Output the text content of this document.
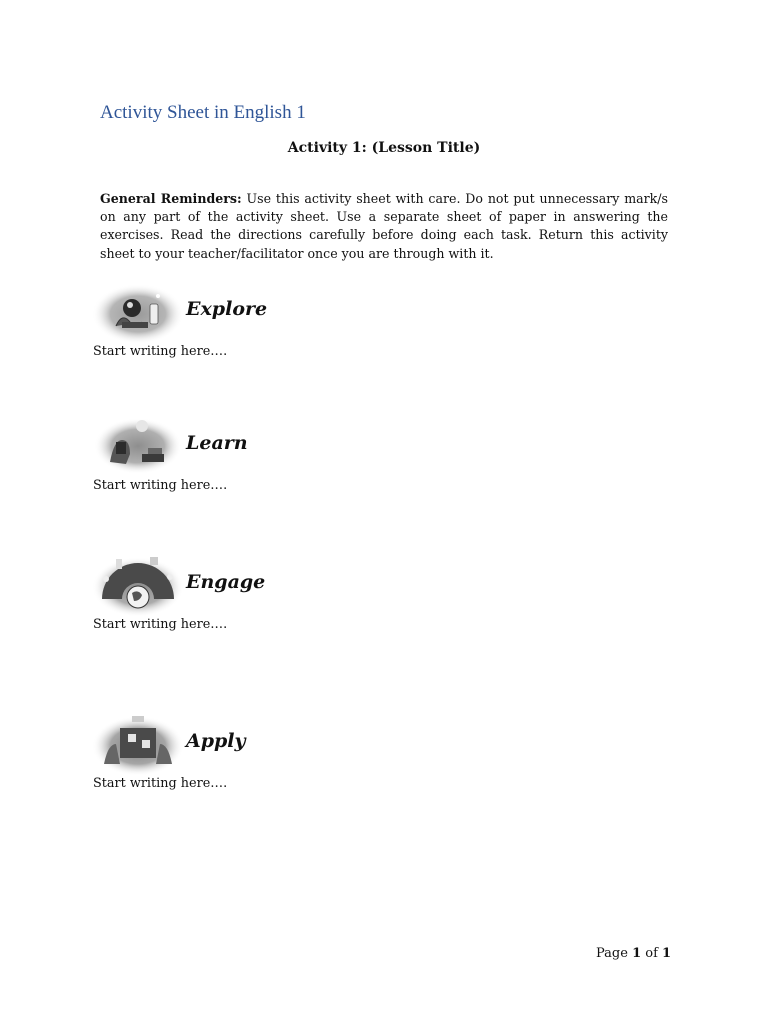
Activity Sheet in English 1
Activity 1: (Lesson Title)

General Reminders: Use this activity sheet with care. Do not put unnecessary mark/s on any part of the activity sheet. Use a separate sheet of paper in answering the exercises. Read the directions carefully before doing each task. Return this activity sheet to your teacher/facilitator once you are through with it.

Explore
Start writing here….
Learn
Start writing here….
Engage
Start writing here….
Apply
Start writing here….
Page 1 of 1
